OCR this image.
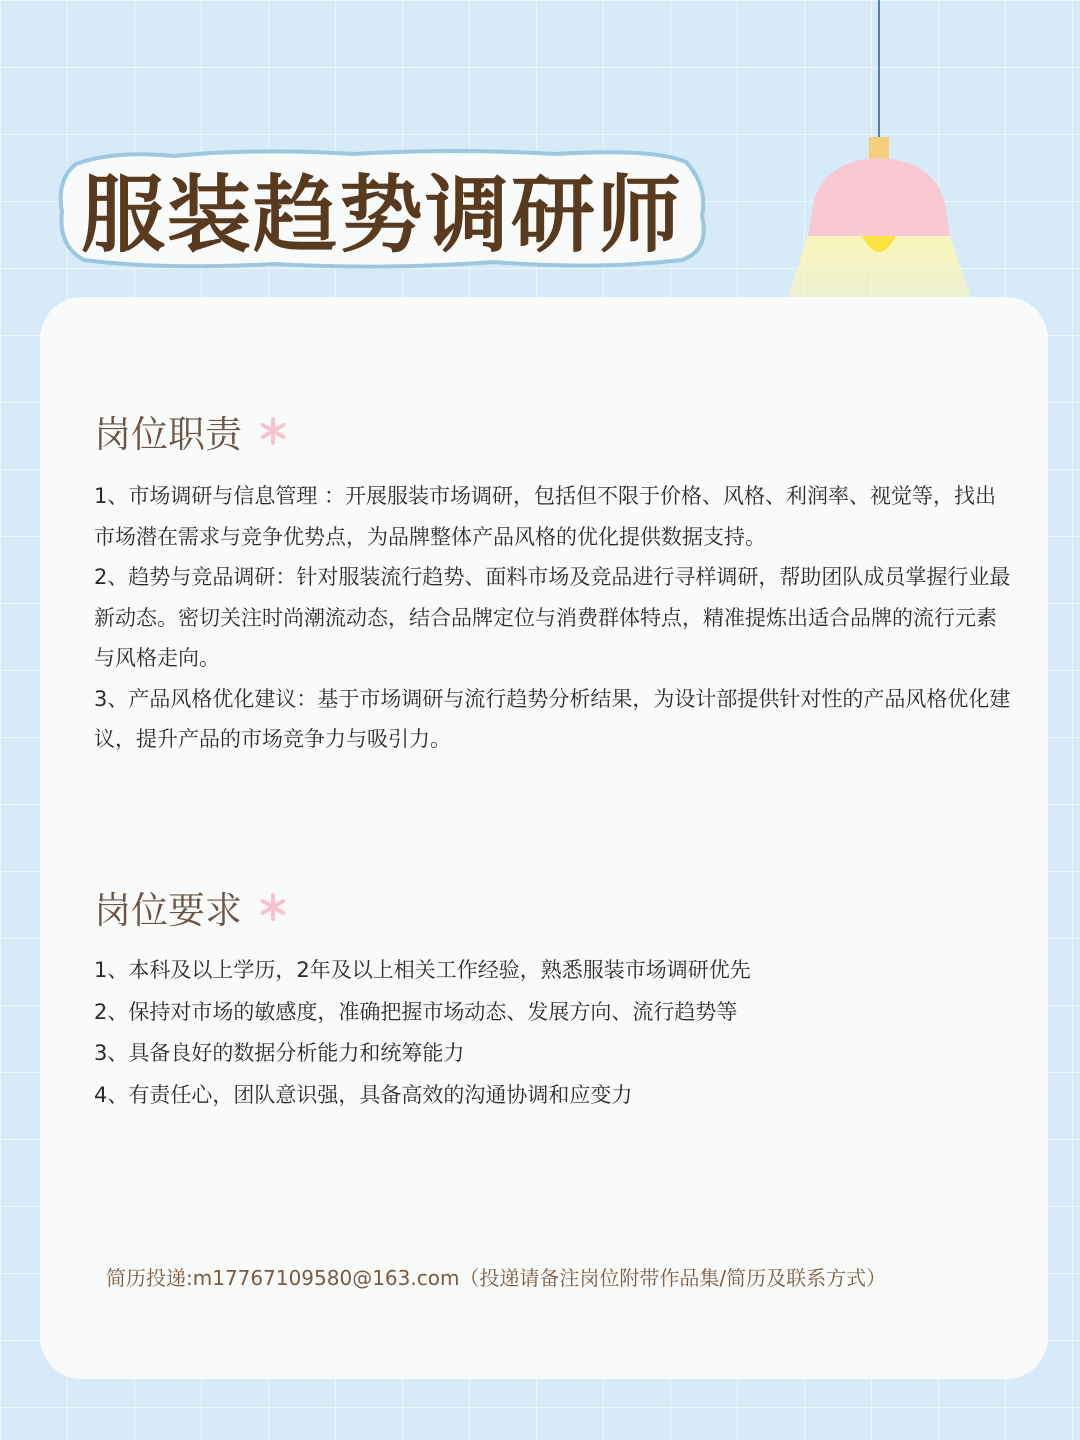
服装趋势调研师
岗位职责

1、市场调研与信息管理 ：开展服装市场调研，包括但不限于价格、风格、利润率、视觉等，找出市场潜在需求与竞争优势点，为品牌整体产品风格的优化提供数据支持。

2、趋势与竞品调研：针对服装流行趋势、面料市场及竞品进行寻样调研，帮助团队成员掌握行业最新动态。密切关注时尚潮流动态，结合品牌定位与消费群体特点，精准提炼出适合品牌的流行元素与风格走向。

3、产品风格优化建议：基于市场调研与流行趋势分析结果，为设计部提供针对性的产品风格优化建议，提升产品的市场竞争力与吸引力。

岗位要求
1、本科及以上学历，2年及以上相关工作经验，熟悉服装市场调研优先
2、保持对市场的敏感度，准确把握市场动态、发展方向、流行趋势等
3、具备良好的数据分析能力和统筹能力
4、有责任心，团队意识强，具备高效的沟通协调和应变力
简历投递:m17767109580@163.com（投递请备注岗位附带作品集/简历及联系方式）
